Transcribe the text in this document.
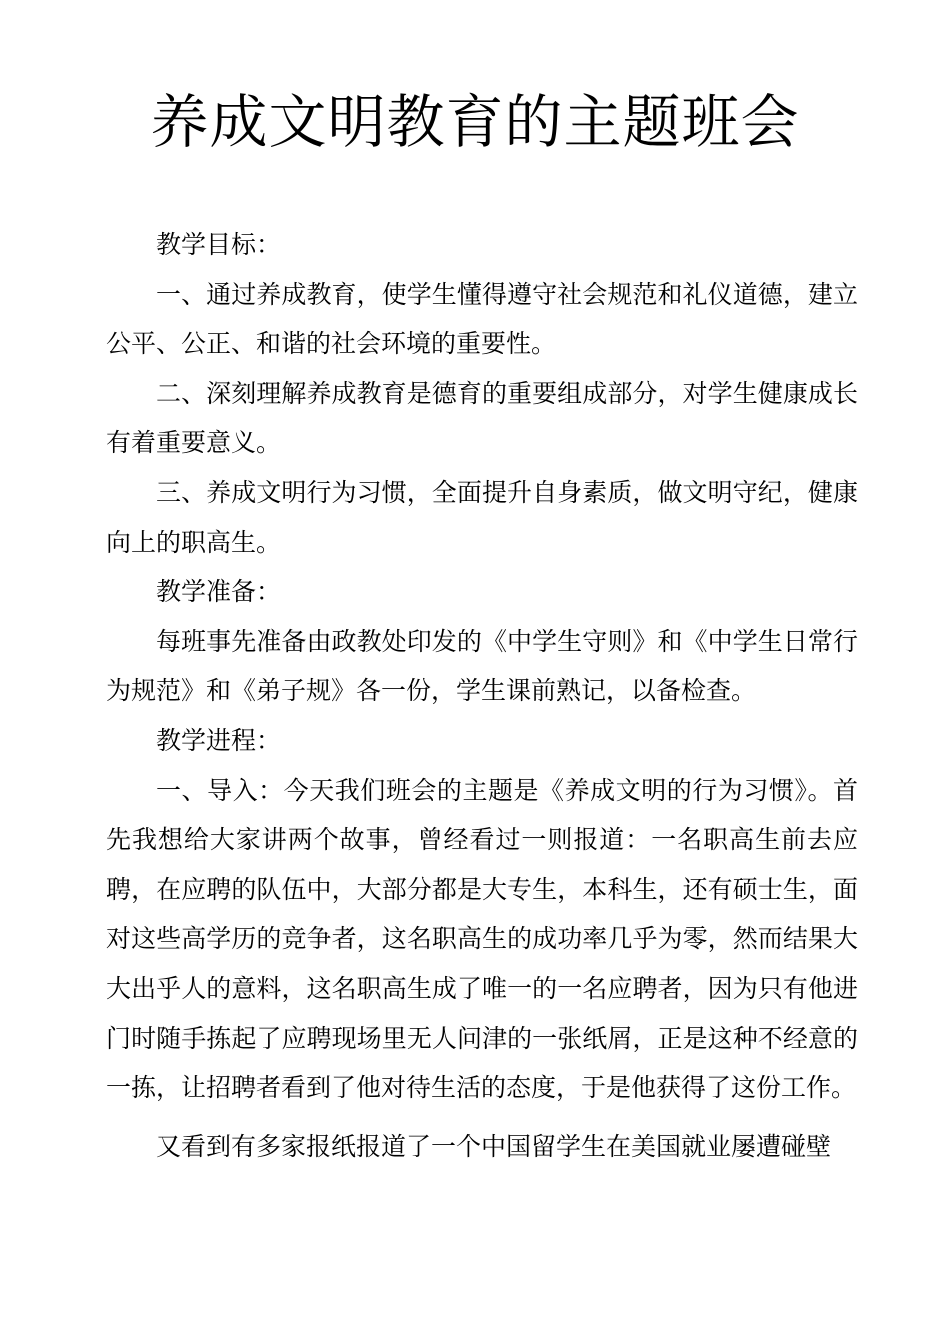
养成文明教育的主题班会

教学目标：

一、通过养成教育，使学生懂得遵守社会规范和礼仪道德，建立公平、公正、和谐的社会环境的重要性。

二、深刻理解养成教育是德育的重要组成部分，对学生健康成长有着重要意义。

三、养成文明行为习惯，全面提升自身素质，做文明守纪，健康向上的职高生。

教学准备：

每班事先准备由政教处印发的《中学生守则》和《中学生日常行为规范》和《弟子规》各一份，学生课前熟记，以备检查。

教学进程：

一、导入：今天我们班会的主题是《养成文明的行为习惯》。首先我想给大家讲两个故事，曾经看过一则报道：一名职高生前去应聘，在应聘的队伍中，大部分都是大专生，本科生，还有硕士生，面对这些高学历的竞争者，这名职高生的成功率几乎为零，然而结果大大出乎人的意料，这名职高生成了唯一的一名应聘者，因为只有他进门时随手拣起了应聘现场里无人问津的一张纸屑，正是这种不经意的一拣，让招聘者看到了他对待生活的态度，于是他获得了这份工作。

又看到有多家报纸报道了一个中国留学生在美国就业屡遭碰壁
